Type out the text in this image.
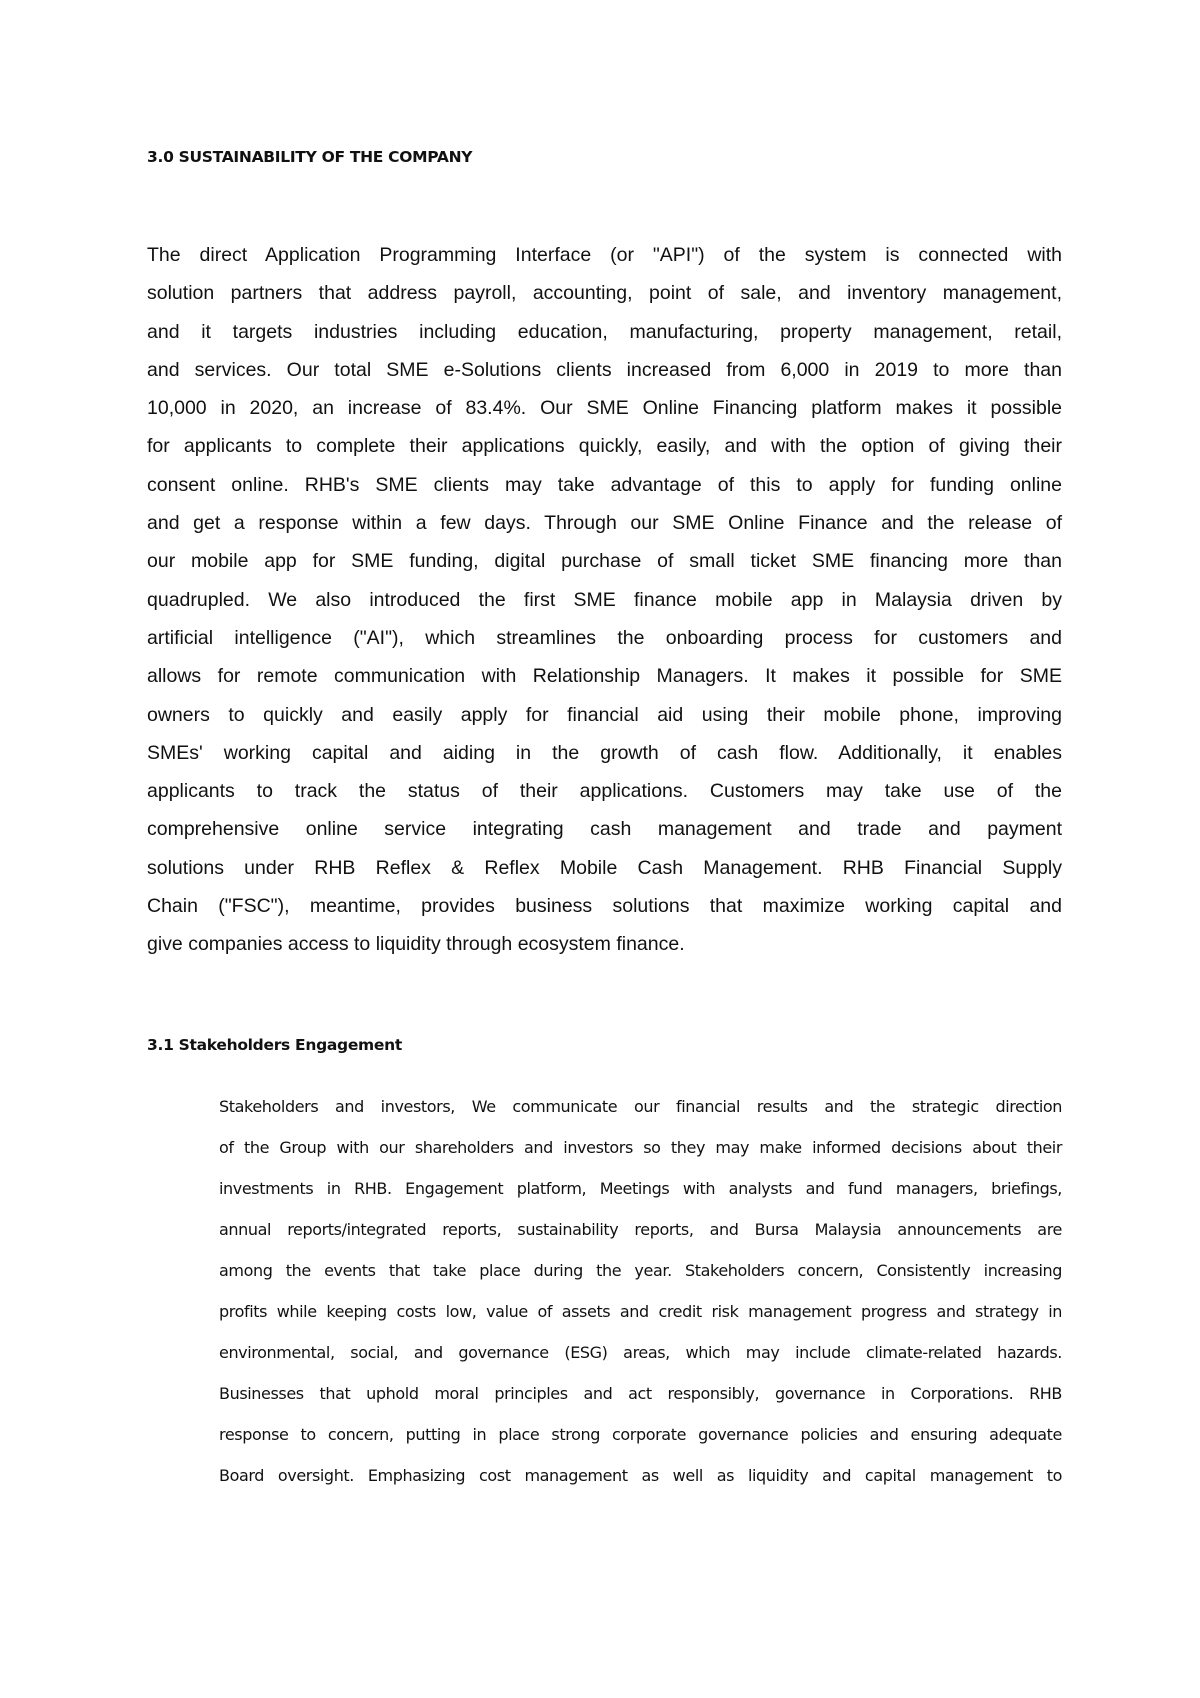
3.0 SUSTAINABILITY OF THE COMPANY
The direct Application Programming Interface (or "API") of the system is connected with
solution partners that address payroll, accounting, point of sale, and inventory management,
and it targets industries including education, manufacturing, property management, retail,
and services. Our total SME e-Solutions clients increased from 6,000 in 2019 to more than
10,000 in 2020, an increase of 83.4%. Our SME Online Financing platform makes it possible
for applicants to complete their applications quickly, easily, and with the option of giving their
consent online. RHB's SME clients may take advantage of this to apply for funding online
and get a response within a few days. Through our SME Online Finance and the release of
our mobile app for SME funding, digital purchase of small ticket SME financing more than
quadrupled. We also introduced the first SME finance mobile app in Malaysia driven by
artificial intelligence ("AI"), which streamlines the onboarding process for customers and
allows for remote communication with Relationship Managers. It makes it possible for SME
owners to quickly and easily apply for financial aid using their mobile phone, improving
SMEs' working capital and aiding in the growth of cash flow. Additionally, it enables
applicants to track the status of their applications. Customers may take use of the
comprehensive online service integrating cash management and trade and payment
solutions under RHB Reflex & Reflex Mobile Cash Management. RHB Financial Supply
Chain ("FSC"), meantime, provides business solutions that maximize working capital and
give companies access to liquidity through ecosystem finance.
3.1 Stakeholders Engagement
Stakeholders and investors, We communicate our financial results and the strategic direction
of the Group with our shareholders and investors so they may make informed decisions about their
investments in RHB. Engagement platform, Meetings with analysts and fund managers, briefings,
annual reports/integrated reports, sustainability reports, and Bursa Malaysia announcements are
among the events that take place during the year. Stakeholders concern, Consistently increasing
profits while keeping costs low, value of assets and credit risk management progress and strategy in
environmental, social, and governance (ESG) areas, which may include climate-related hazards.
Businesses that uphold moral principles and act responsibly, governance in Corporations. RHB
response to concern, putting in place strong corporate governance policies and ensuring adequate
Board oversight. Emphasizing cost management as well as liquidity and capital management to
